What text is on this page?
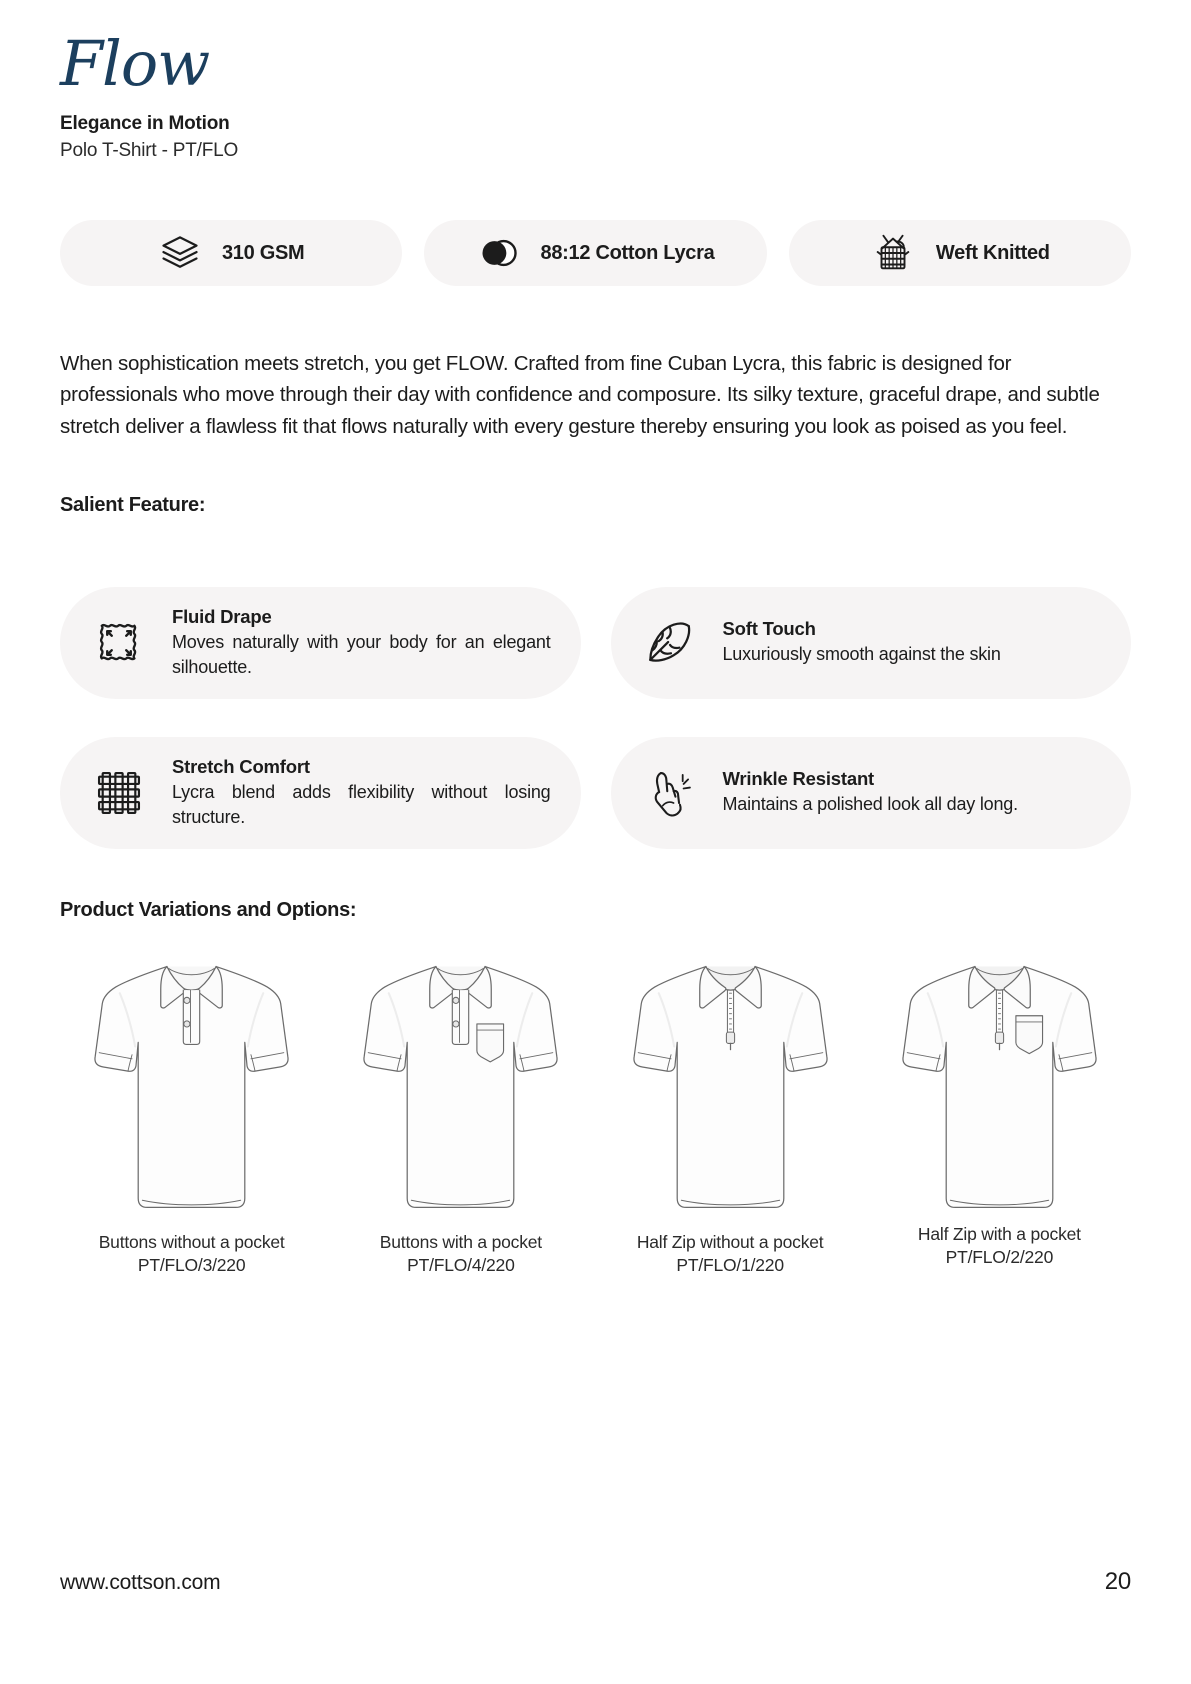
Flow
Elegance in Motion
Polo T-Shirt - PT/FLO
310 GSM	88:12 Cotton Lycra	Weft Knitted

When sophistication meets stretch, you get FLOW. Crafted from fine Cuban Lycra, this fabric is designed for professionals who move through their day with confidence and composure. Its silky texture, graceful drape, and subtle stretch deliver a flawless fit that flows naturally with every gesture thereby ensuring you look as poised as you feel.

Salient Feature:
Fluid Drape
Moves naturally with your body for an elegant silhouette.
Soft Touch
Luxuriously smooth against the skin
Stretch Comfort
Lycra blend adds flexibility without losing structure.
Wrinkle Resistant
Maintains a polished look all day long.
Product Variations and Options:
Buttons without a pocket
PT/FLO/3/220
Buttons with a pocket
PT/FLO/4/220
Half Zip without a pocket
PT/FLO/1/220
Half Zip with a pocket
PT/FLO/2/220
www.cottson.com	20
